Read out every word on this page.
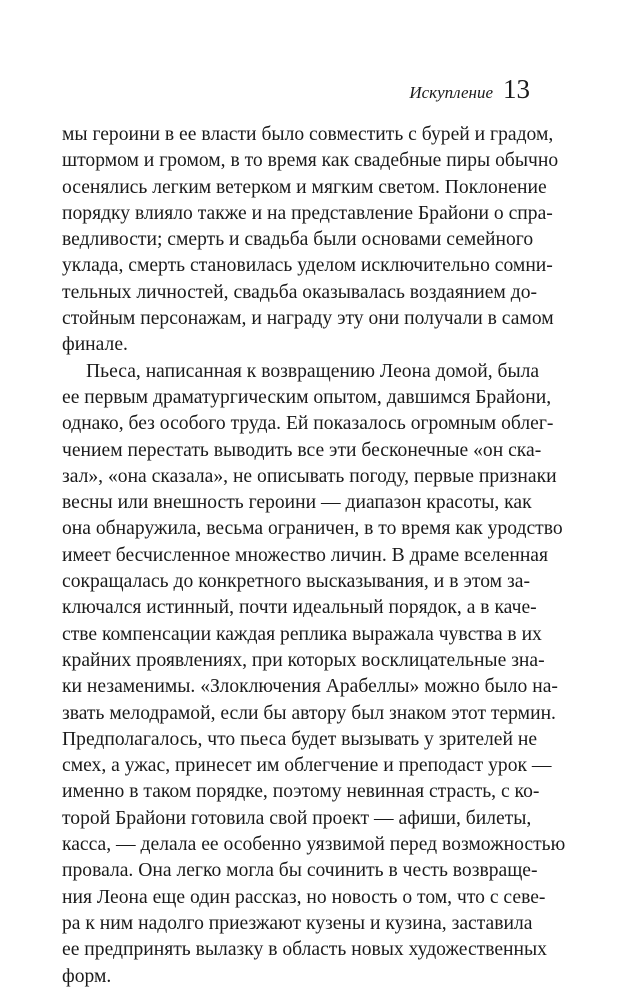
Искупление 13
мы героини в ее власти было совместить с бурей и градом,
штормом и громом, в то время как свадебные пиры обычно
осенялись легким ветерком и мягким светом. Поклонение
порядку влияло также и на представление Брайони о спра-
ведливости; смерть и свадьба были основами семейного
уклада, смерть становилась уделом исключительно сомни-
тельных личностей, свадьба оказывалась воздаянием до-
стойным персонажам, и награду эту они получали в самом
финале.
Пьеса, написанная к возвращению Леона домой, была
ее первым драматургическим опытом, давшимся Брайони,
однако, без особого труда. Ей показалось огромным облег-
чением перестать выводить все эти бесконечные «он ска-
зал», «она сказала», не описывать погоду, первые признаки
весны или внешность героини — диапазон красоты, как
она обнаружила, весьма ограничен, в то время как уродство
имеет бесчисленное множество личин. В драме вселенная
сокращалась до конкретного высказывания, и в этом за-
ключался истинный, почти идеальный порядок, а в каче-
стве компенсации каждая реплика выражала чувства в их
крайних проявлениях, при которых восклицательные зна-
ки незаменимы. «Злоключения Арабеллы» можно было на-
звать мелодрамой, если бы автору был знаком этот термин.
Предполагалось, что пьеса будет вызывать у зрителей не
смех, а ужас, принесет им облегчение и преподаст урок —
именно в таком порядке, поэтому невинная страсть, с ко-
торой Брайони готовила свой проект — афиши, билеты,
касса, — делала ее особенно уязвимой перед возможностью
провала. Она легко могла бы сочинить в честь возвраще-
ния Леона еще один рассказ, но новость о том, что с севе-
ра к ним надолго приезжают кузены и кузина, заставила
ее предпринять вылазку в область новых художественных
форм.
